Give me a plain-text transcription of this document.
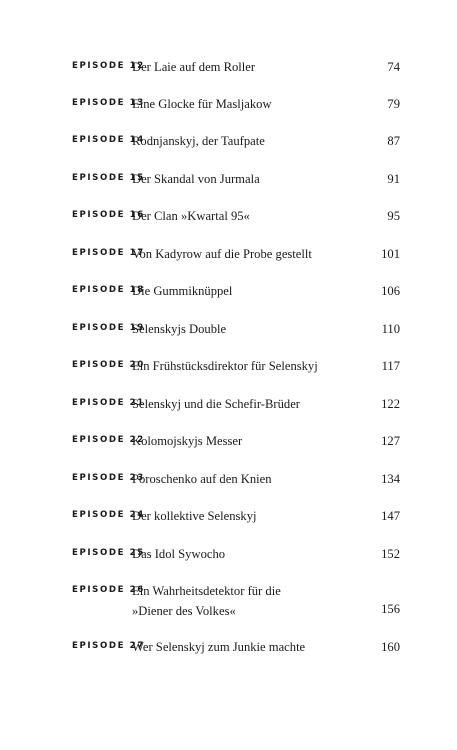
EPISODE 12
Der Laie auf dem Roller	74
EPISODE 13
Eine Glocke für Masljakow	79
EPISODE 14
Rodnjanskyj, der Taufpate	87
EPISODE 15
Der Skandal von Jurmala	91
EPISODE 16
Der Clan »Kwartal 95«	95
EPISODE 17
Von Kadyrow auf die Probe gestellt	101
EPISODE 18
Die Gummiknüppel	106
EPISODE 19
Selenskyjs Double	110
EPISODE 20
Ein Frühstücksdirektor für Selenskyj	117
EPISODE 21
Selenskyj und die Schefir-Brüder	122
EPISODE 22
Kolomojskyjs Messer	127
EPISODE 23
Poroschenko auf den Knien	134
EPISODE 24
Der kollektive Selenskyj	147
EPISODE 25
Das Idol Sywocho	152
EPISODE 26
Ein Wahrheitsdetektor für die
»Diener des Volkes«	156
EPISODE 27
Wer Selenskyj zum Junkie machte	160
